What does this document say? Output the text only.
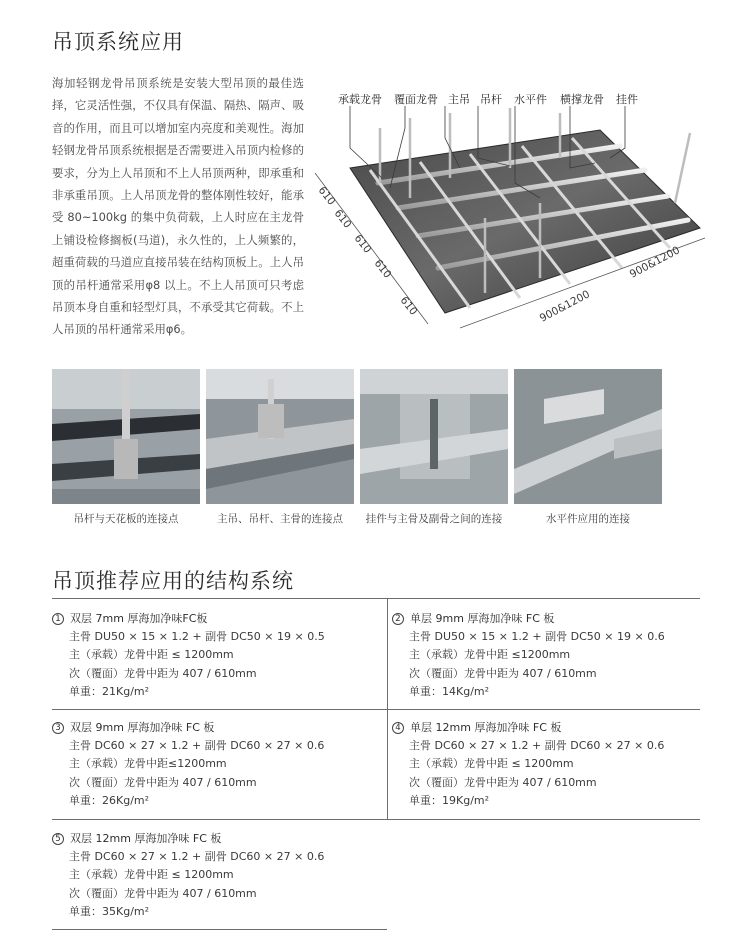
吊顶系统应用
海加轻钢龙骨吊顶系统是安装大型吊顶的最佳选择，它灵活性强，不仅具有保温、隔热、隔声、吸音的作用，而且可以增加室内亮度和美观性。海加轻钢龙骨吊顶系统根据是否需要进入吊顶内检修的要求，分为上人吊顶和不上人吊顶两种，即承重和非承重吊顶。上人吊顶龙骨的整体刚性较好，能承受 80~100kg 的集中负荷载，上人时应在主龙骨上铺设检修搁板(马道)，永久性的，上人频繁的，超重荷载的马道应直接吊装在结构顶板上。上人吊顶的吊杆通常采用φ8 以上。不上人吊顶可只考虑吊顶本身自重和轻型灯具，不承受其它荷载。不上人吊顶的吊杆通常采用φ6。
承载龙骨 覆面龙骨 主吊 吊杆 水平件 横撑龙骨 挂件
610
610
610
610
610	900&1200
900&1200
吊杆与天花板的连接点	主吊、吊杆、主骨的连接点	挂件与主骨及副骨之间的连接	水平件应用的连接
吊顶推荐应用的结构系统
1 双层 7mm 厚海加净味FC板
主骨 DU50 × 15 × 1.2 + 副骨 DC50 × 19 × 0.5
主（承载）龙骨中距 ≤ 1200mm
次（覆面）龙骨中距为 407 / 610mm
单重：21Kg/m²
2 单层 9mm 厚海加净味 FC 板
主骨 DU50 × 15 × 1.2 + 副骨 DC50 × 19 × 0.6
主（承载）龙骨中距 ≤1200mm
次（覆面）龙骨中距为 407 / 610mm
单重：14Kg/m²
3 双层 9mm 厚海加净味 FC 板
主骨 DC60 × 27 × 1.2 + 副骨 DC60 × 27 × 0.6
主（承载）龙骨中距≤1200mm
次（覆面）龙骨中距为 407 / 610mm
单重：26Kg/m²
4 单层 12mm 厚海加净味 FC 板
主骨 DC60 × 27 × 1.2 + 副骨 DC60 × 27 × 0.6
主（承载）龙骨中距 ≤ 1200mm
次（覆面）龙骨中距为 407 / 610mm
单重：19Kg/m²
5 双层 12mm 厚海加净味 FC 板
主骨 DC60 × 27 × 1.2 + 副骨 DC60 × 27 × 0.6
主（承载）龙骨中距 ≤ 1200mm
次（覆面）龙骨中距为 407 / 610mm
单重：35Kg/m²
